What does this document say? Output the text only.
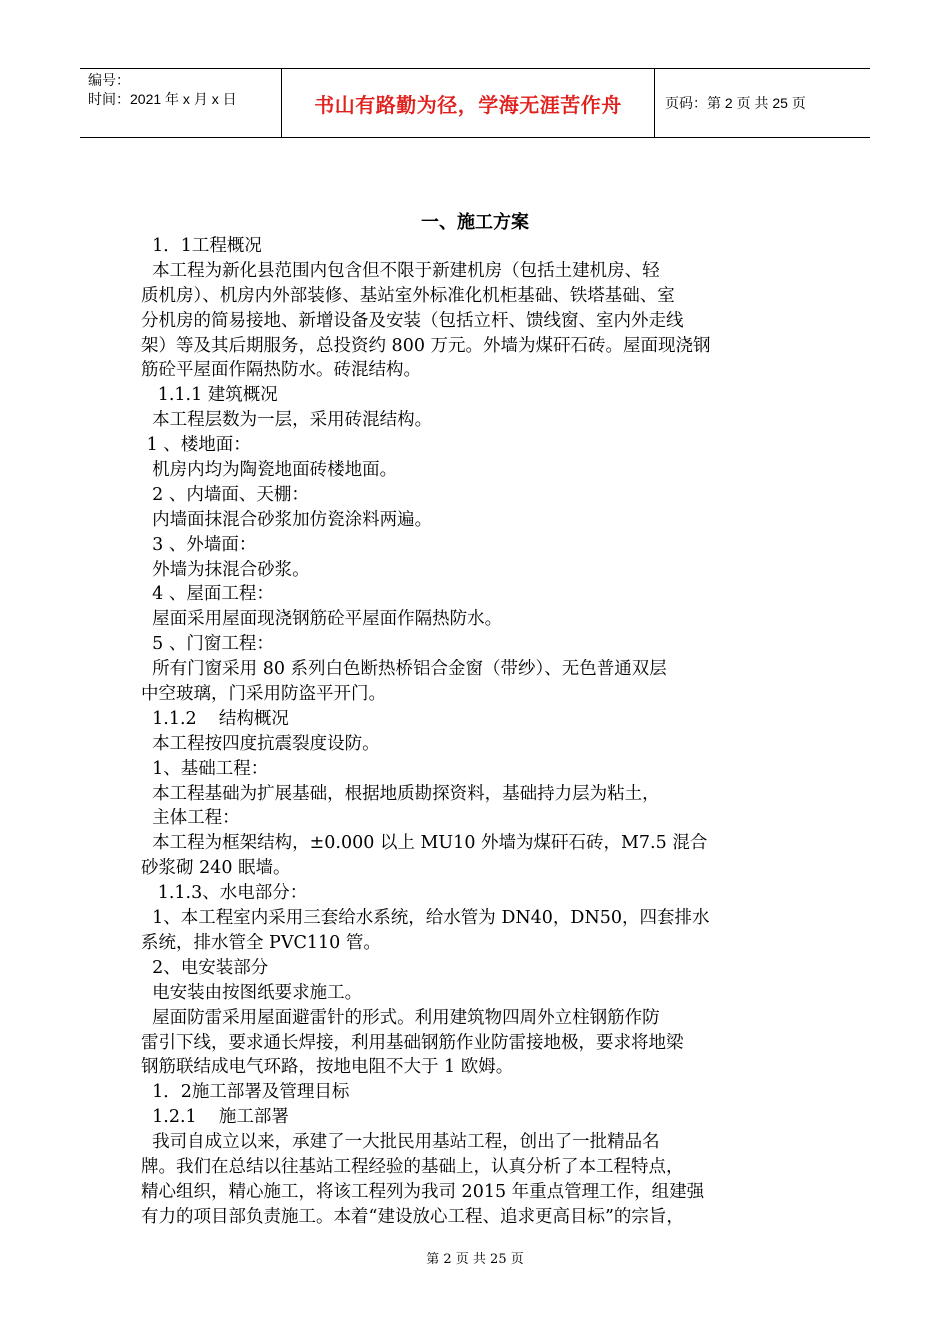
编号：
时间：2021 年 x 月 x 日	书山有路勤为径，学海无涯苦作舟	页码：第 2 页 共 25 页
一、施工方案
1．1工程概况
本工程为新化县范围内包含但不限于新建机房（包括土建机房、轻
质机房）、机房内外部装修、基站室外标准化机柜基础、铁塔基础、室
分机房的简易接地、新增设备及安装（包括立杆、馈线窗、室内外走线
架）等及其后期服务，总投资约 800 万元。外墙为煤矸石砖。屋面现浇钢
筋砼平屋面作隔热防水。砖混结构。
1.1.1 建筑概况
本工程层数为一层，采用砖混结构。
1 、楼地面：
机房内均为陶瓷地面砖楼地面。
2 、内墙面、天棚：
内墙面抹混合砂浆加仿瓷涂料两遍。
3 、外墙面：
外墙为抹混合砂浆。
4 、屋面工程：
屋面采用屋面现浇钢筋砼平屋面作隔热防水。
5 、门窗工程：
所有门窗采用 80 系列白色断热桥铝合金窗（带纱）、无色普通双层
中空玻璃，门采用防盗平开门。
1.1.2    结构概况
本工程按四度抗震裂度设防。
1、基础工程：
本工程基础为扩展基础，根据地质勘探资料，基础持力层为粘土，
主体工程：
本工程为框架结构，±0.000 以上 MU10 外墙为煤矸石砖，M7.5 混合
砂浆砌 240 眠墙。
1.1.3、水电部分：
1、本工程室内采用三套给水系统，给水管为 DN40，DN50，四套排水
系统，排水管全 PVC110 管。
2、电安装部分
电安装由按图纸要求施工。
屋面防雷采用屋面避雷针的形式。利用建筑物四周外立柱钢筋作防
雷引下线，要求通长焊接，利用基础钢筋作业防雷接地极，要求将地梁
钢筋联结成电气环路，按地电阻不大于 1 欧姆。
1．2施工部署及管理目标
1.2.1    施工部署
我司自成立以来，承建了一大批民用基站工程，创出了一批精品名
牌。我们在总结以往基站工程经验的基础上，认真分析了本工程特点，
精心组织，精心施工，将该工程列为我司 2015 年重点管理工作，组建强
有力的项目部负责施工。本着“建设放心工程、追求更高目标”的宗旨，
第 2 页 共 25 页
